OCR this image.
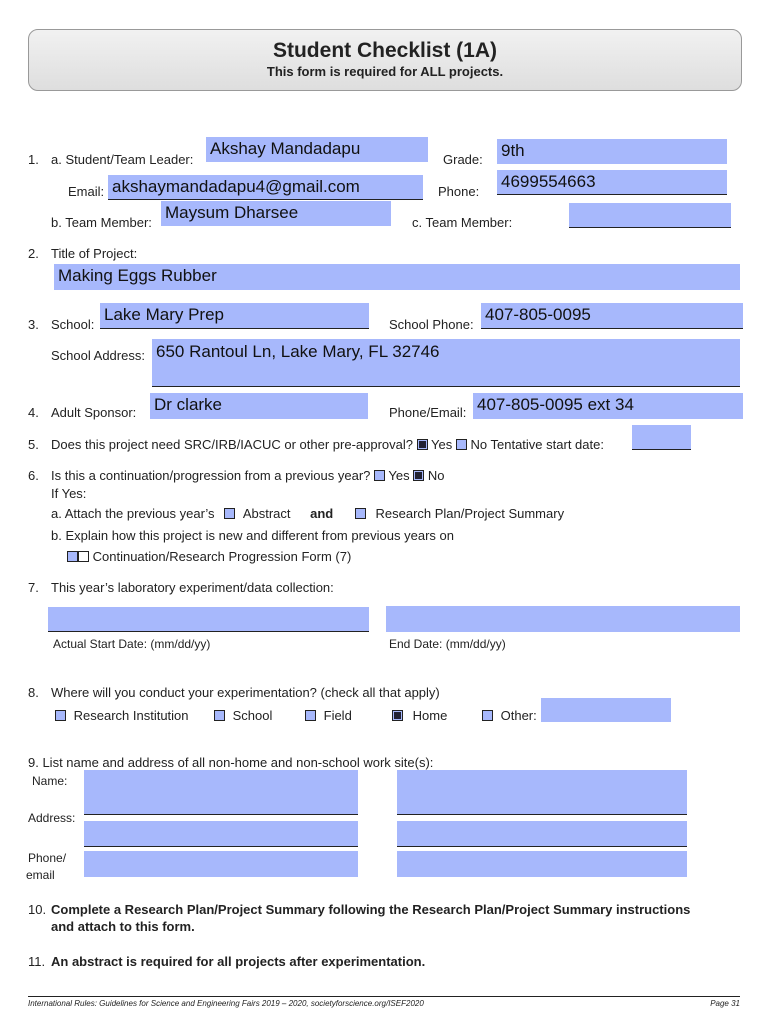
Student Checklist (1A)
This form is required for ALL projects.
1. a. Student/Team Leader:
Akshay Mandadapu
Grade: 9th
Email: akshaymandadapu4@gmail.com	Phone:
4699554663
b. Team Member:
Maysum Dharsee
c. Team Member:
2. Title of Project:
Making Eggs Rubber
3. School:
Lake Mary Prep
School Phone:
407-805-0095
School Address: 650 Rantoul Ln, Lake Mary, FL 32746
4. Adult Sponsor: Dr clarke	Phone/Email: 407-805-0095 ext 34
5. Does this project need SRC/IRB/IACUC or other pre-approval? Yes No Tentative start date:
6. Is this a continuation/progression from a previous year? Yes No
If Yes:
a. Attach the previous year’s Abstract and	Research Plan/Project Summary
b. Explain how this project is new and different from previous years on
Continuation/Research Progression Form (7)
7. This year’s laboratory experiment/data collection:
Actual Start Date: (mm/dd/yy)	End Date: (mm/dd/yy)
8. Where will you conduct your experimentation? (check all that apply)
Research Institution	School	Field	Home	Other:
9. List name and address of all non-home and non-school work site(s):
Name:
Address:
Phone/
email
10. Complete a Research Plan/Project Summary following the Research Plan/Project Summary instructions
and attach to this form.
11. An abstract is required for all projects after experimentation.
International Rules: Guidelines for Science and Engineering Fairs 2019 – 2020, societyforscience.org/ISEF2020	Page 31
